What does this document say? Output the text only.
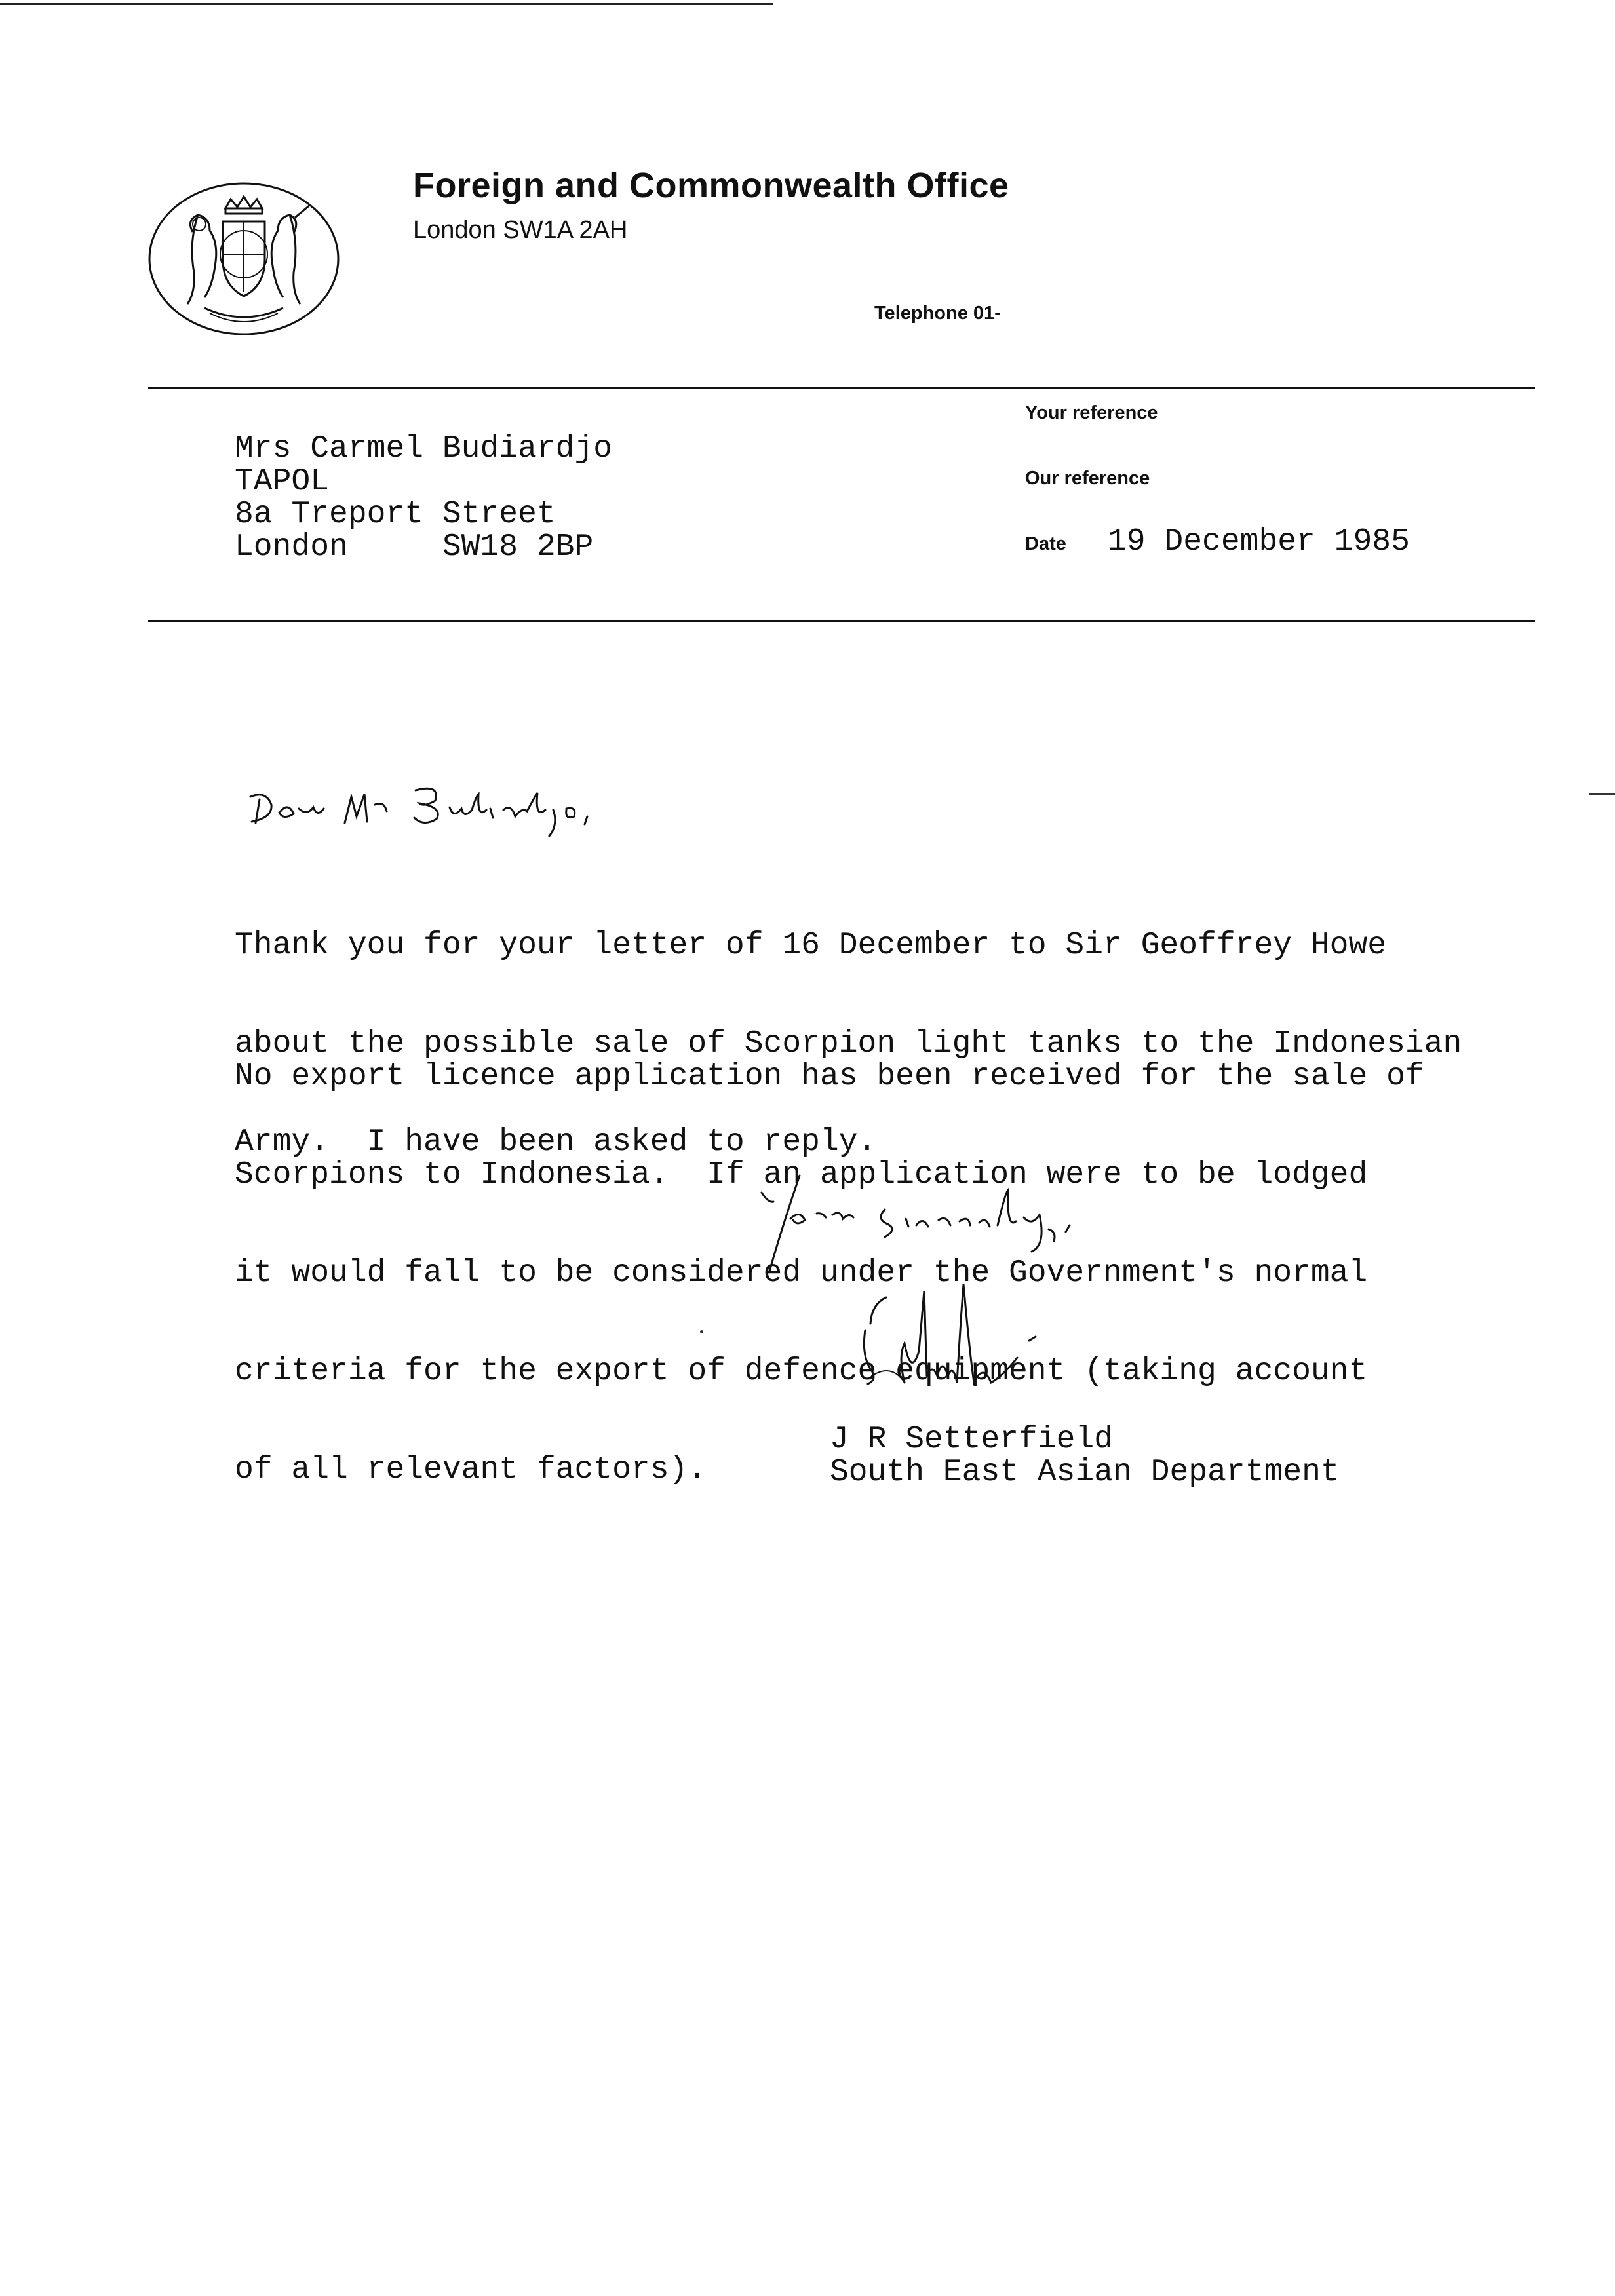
Foreign and Commonwealth Office
London SW1A 2AH
Telephone 01-
Mrs Carmel Budiardjo
TAPOL
8a Treport Street
London     SW18 2BP
Your reference
Our reference
Date 19 December 1985

Thank you for your letter of 16 December to Sir Geoffrey Howe

about the possible sale of Scorpion light tanks to the Indonesian

Army.  I have been asked to reply.

No export licence application has been received for the sale of

Scorpions to Indonesia.  If an application were to be lodged

it would fall to be considered under the Government's normal

criteria for the export of defence equipment (taking account

of all relevant factors).

J R Setterfield
South East Asian Department
